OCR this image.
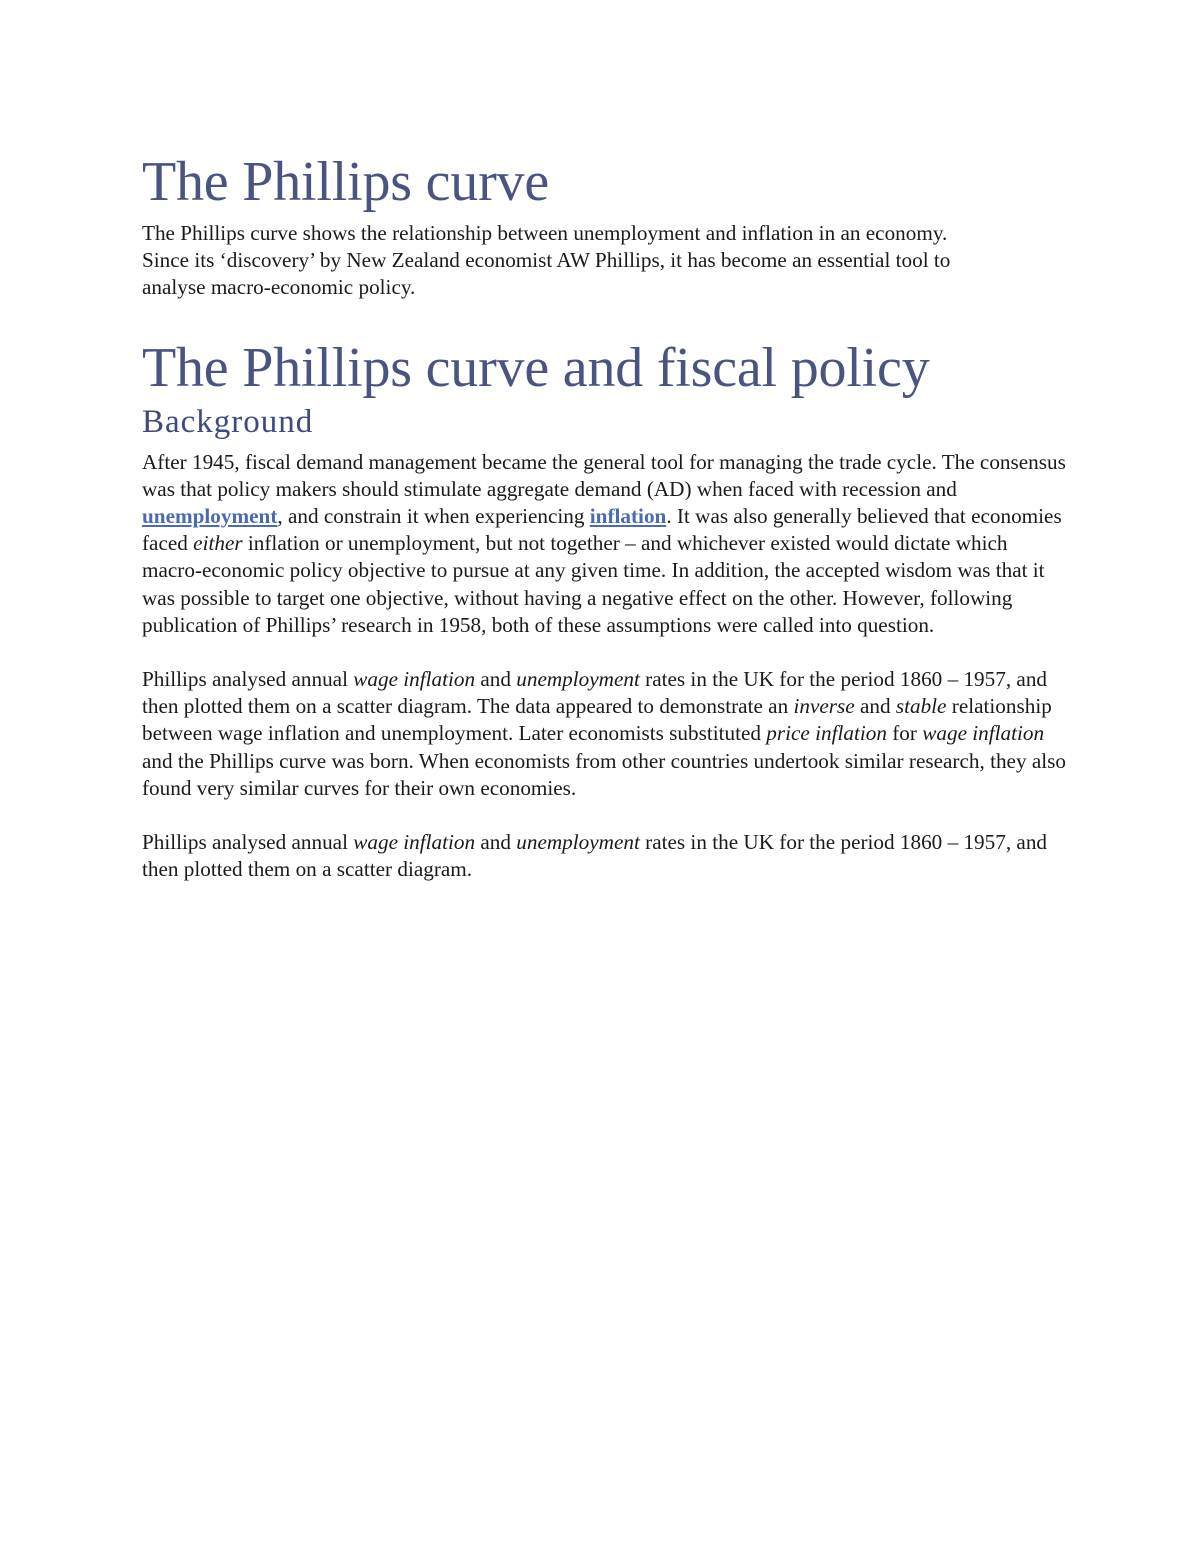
The Phillips curve

The Phillips curve shows the relationship between unemployment and inflation in an economy.
Since its ‘discovery’ by New Zealand economist AW Phillips, it has become an essential tool to
analyse macro-economic policy.

The Phillips curve and fiscal policy
Background

After 1945, fiscal demand management became the general tool for managing the trade cycle. The consensus was that policy makers should stimulate aggregate demand (AD) when faced with recession and unemployment, and constrain it when experiencing inflation. It was also generally believed that economies faced either inflation or unemployment, but not together – and whichever existed would dictate which macro-economic policy objective to pursue at any given time. In addition, the accepted wisdom was that it was possible to target one objective, without having a negative effect on the other. However, following publication of Phillips’ research in 1958, both of these assumptions were called into question.

Phillips analysed annual wage inflation and unemployment rates in the UK for the period 1860 – 1957, and then plotted them on a scatter diagram. The data appeared to demonstrate an inverse and stable relationship between wage inflation and unemployment. Later economists substituted price inflation for wage inflation and the Phillips curve was born. When economists from other countries undertook similar research, they also found very similar curves for their own economies.

Phillips analysed annual wage inflation and unemployment rates in the UK for the period 1860 – 1957, and then plotted them on a scatter diagram.
